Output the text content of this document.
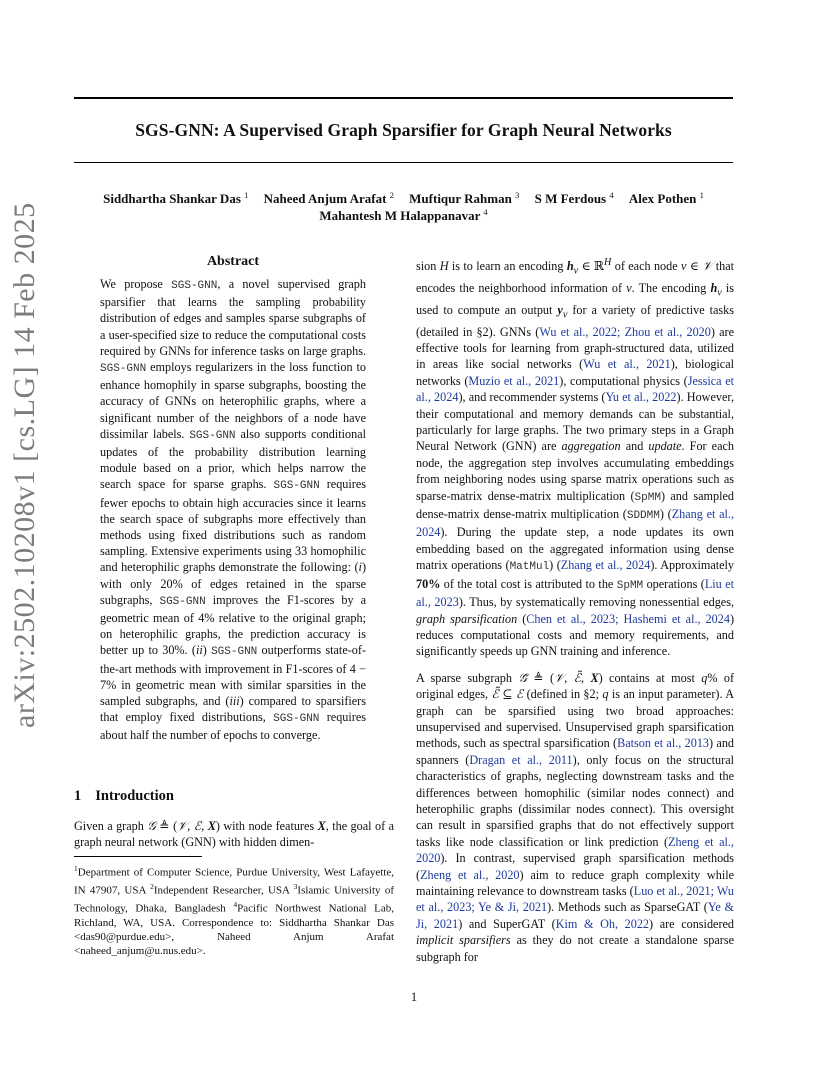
SGS-GNN: A Supervised Graph Sparsifier for Graph Neural Networks
Siddhartha Shankar Das $^1$ Naheed Anjum Arafat $^2$ Muftiqur Rahman $^3$ S M Ferdous $^4$ Alex Pothen $^1$
Mahantesh M Halappanavar $^4$
arXiv:2502.10208v1 [cs.LG] 14 Feb 2025	Abstract
We propose SGS-GNN, a novel supervised graph sparsifier that learns the sampling probability distribution of edges and samples sparse subgraphs of a user-specified size to reduce the computational costs required by GNNs for inference tasks on large graphs. SGS-GNN employs regularizers in the loss function to enhance homophily in sparse subgraphs, boosting the accuracy of GNNs on heterophilic graphs, where a significant number of the neighbors of a node have dissimilar labels. SGS-GNN also supports conditional updates of the probability distribution learning module based on a prior, which helps narrow the search space for sparse graphs. SGS-GNN requires fewer epochs to obtain high accuracies since it learns the search space of subgraphs more effectively than methods using fixed distributions such as random sampling. Extensive experiments using 33 homophilic and heterophilic graphs demonstrate the following: (i) with only 20% of edges retained in the sparse subgraphs, SGS-GNN improves the F1-scores by a geometric mean of 4% relative to the original graph; on heterophilic graphs, the prediction accuracy is better up to 30%. (ii) SGS-GNN outperforms state-of-the-art methods with improvement in F1-scores of 4 − 7% in geometric mean with similar sparsities in the sampled subgraphs, and (iii) compared to sparsifiers that employ fixed distributions, SGS-GNN requires about half the number of epochs to converge.
1 Introduction
Given a graph 𝒢 ≜ (𝒱, ℰ, X) with node features X, the goal of a graph neural network (GNN) with hidden dimen-
$^1$Department of Computer Science, Purdue University, West Lafayette, IN 47907, USA $^2$Independent Researcher, USA $^3$Islamic University of Technology, Dhaka, Bangladesh $^4$Pacific Northwest National Lab, Richland, WA, USA. Correspondence to: Siddhartha Shankar Das <das90@purdue.edu>, Naheed Anjum Arafat <naheed_anjum@u.nus.edu>.

sion H is to learn an encoding $h_v$ ∈ ℝ$^H$ of each node v ∈ 𝒱 that encodes the neighborhood information of v. The encoding $h_v$ is used to compute an output $y_v$ for a variety of predictive tasks (detailed in §2). GNNs (Wu et al., 2022; Zhou et al., 2020) are effective tools for learning from graph-structured data, utilized in areas like social networks (Wu et al., 2021), biological networks (Muzio et al., 2021), computational physics (Jessica et al., 2024), and recommender systems (Yu et al., 2022). However, their computational and memory demands can be substantial, particularly for large graphs. The two primary steps in a Graph Neural Network (GNN) are aggregation and update. For each node, the aggregation step involves accumulating embeddings from neighboring nodes using sparse matrix operations such as sparse-matrix dense-matrix multiplication (SpMM) and sampled dense-matrix dense-matrix multiplication (SDDMM) (Zhang et al., 2024). During the update step, a node updates its own embedding based on the aggregated information using dense matrix operations (MatMul) (Zhang et al., 2024). Approximately 70% of the total cost is attributed to the SpMM operations (Liu et al., 2023). Thus, by systematically removing nonessential edges, graph sparsification (Chen et al., 2023; Hashemi et al., 2024) reduces computational costs and memory requirements, and significantly speeds up GNN training and inference.

A sparse subgraph 𝒢̃ ≜ (𝒱, ℰ̃, X) contains at most q% of original edges, ℰ̃ ⊆ ℰ (defined in §2; q is an input parameter). A graph can be sparsified using two broad approaches: unsupervised and supervised. Unsupervised graph sparsification methods, such as spectral sparsification (Batson et al., 2013) and spanners (Dragan et al., 2011), only focus on the structural characteristics of graphs, neglecting downstream tasks and the differences between homophilic (similar nodes connect) and heterophilic graphs (dissimilar nodes connect). This oversight can result in sparsified graphs that do not effectively support tasks like node classification or link prediction (Zheng et al., 2020). In contrast, supervised graph sparsification methods (Zheng et al., 2020) aim to reduce graph complexity while maintaining relevance to downstream tasks (Luo et al., 2021; Wu et al., 2023; Ye & Ji, 2021). Methods such as SparseGAT (Ye & Ji, 2021) and SuperGAT (Kim & Oh, 2022) are considered implicit sparsifiers as they do not create a standalone sparse subgraph for

1
